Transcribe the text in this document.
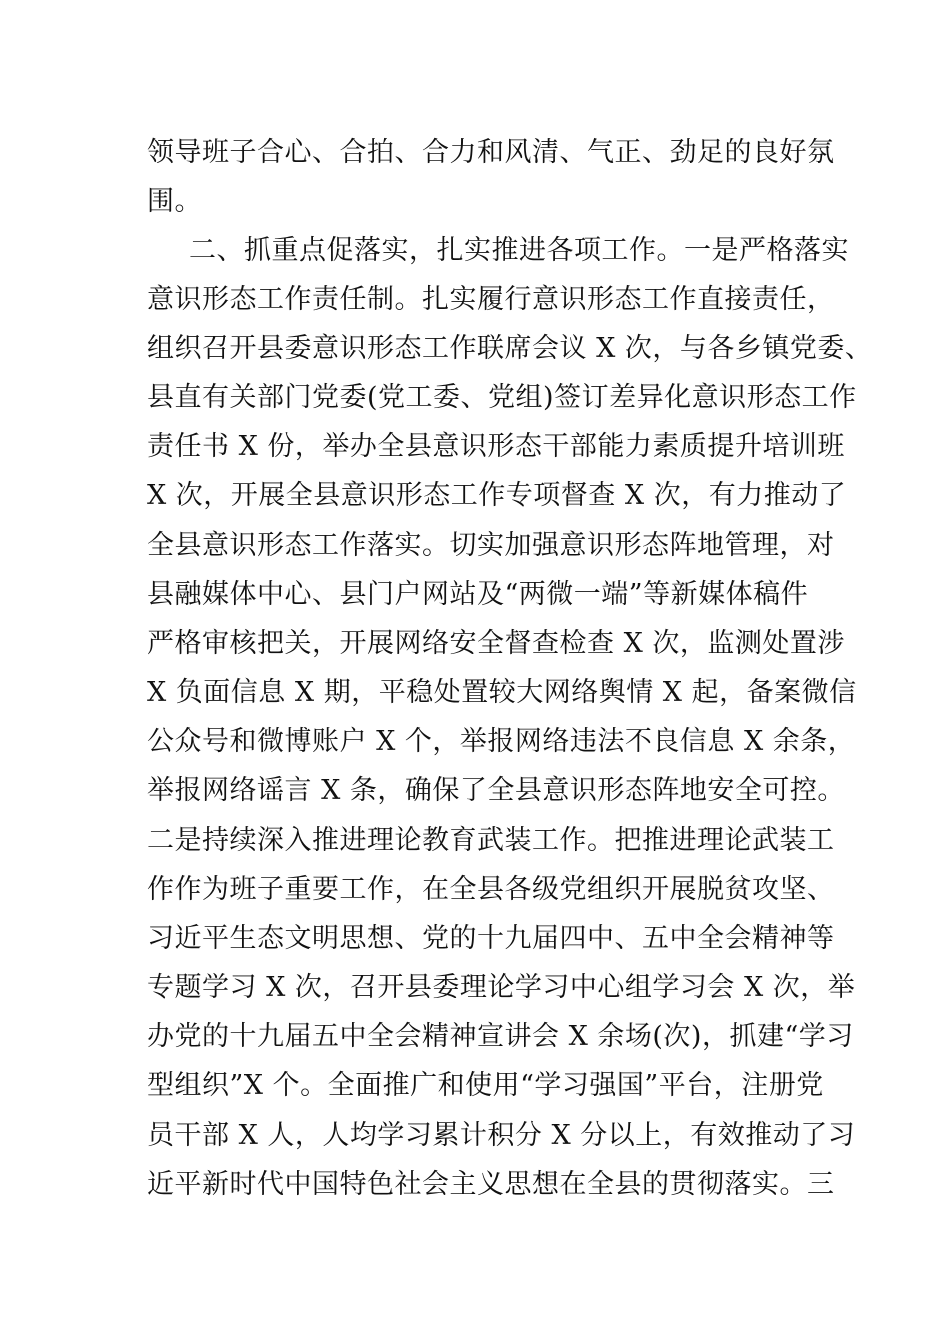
领导班子合心、合拍、合力和风清、气正、劲足的良好氛
围。
二、抓重点促落实，扎实推进各项工作。一是严格落实
意识形态工作责任制。扎实履行意识形态工作直接责任，
组织召开县委意识形态工作联席会议 X 次，与各乡镇党委、
县直有关部门党委(党工委、党组)签订差异化意识形态工作
责任书 X 份，举办全县意识形态干部能力素质提升培训班
X 次，开展全县意识形态工作专项督查 X 次，有力推动了
全县意识形态工作落实。切实加强意识形态阵地管理，对
县融媒体中心、县门户网站及“两微一端”等新媒体稿件
严格审核把关，开展网络安全督查检查 X 次，监测处置涉
X 负面信息 X 期，平稳处置较大网络舆情 X 起，备案微信
公众号和微博账户 X 个，举报网络违法不良信息 X 余条，
举报网络谣言 X 条，确保了全县意识形态阵地安全可控。
二是持续深入推进理论教育武装工作。把推进理论武装工
作作为班子重要工作，在全县各级党组织开展脱贫攻坚、
习近平生态文明思想、党的十九届四中、五中全会精神等
专题学习 X 次，召开县委理论学习中心组学习会 X 次，举
办党的十九届五中全会精神宣讲会 X 余场(次)，抓建“学习
型组织”X 个。全面推广和使用“学习强国”平台，注册党
员干部 X 人，人均学习累计积分 X 分以上，有效推动了习
近平新时代中国特色社会主义思想在全县的贯彻落实。三
